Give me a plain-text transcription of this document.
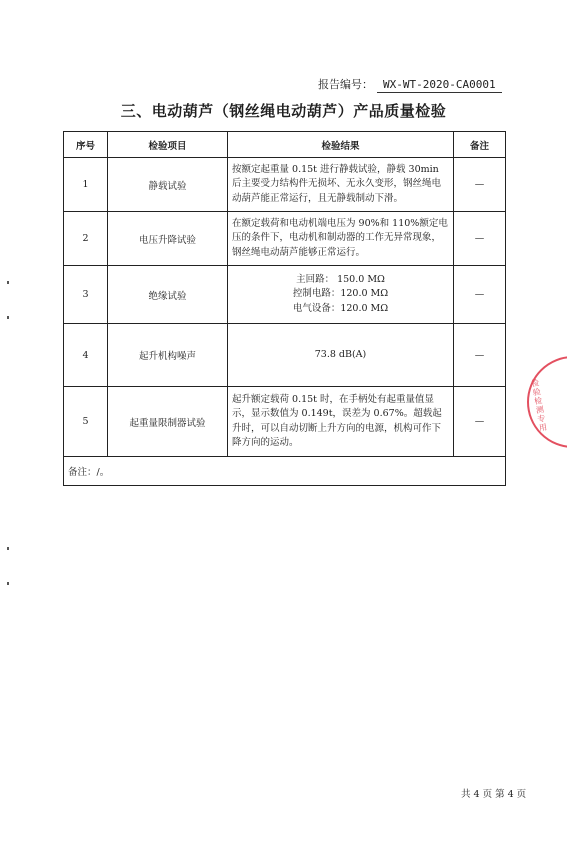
报告编号： WX-WT-2020-CA0001
三、电动葫芦（钢丝绳电动葫芦）产品质量检验
序号	检验项目	检验结果	备注
1	静载试验	按额定起重量 0.15t 进行静载试验，静载 30min 后主要受力结构件无损坏、无永久变形，钢丝绳电动葫芦能正常运行，且无静载制动下滑。	—
2	电压升降试验	在额定载荷和电动机端电压为 90%和 110%额定电压的条件下，电动机和制动器的工作无异常现象，钢丝绳电动葫芦能够正常运行。	—
3	绝缘试验	主回路： 150.0 MΩ
控制电路：120.0 MΩ
电气设备：120.0 MΩ	—
4	起升机构噪声	73.8 dB(A)	—
5	起重量限制器试验	起升额定载荷 0.15t 时，在手柄处有起重量值显示，显示数值为 0.149t，误差为 0.67%。超载起升时，可以自动切断上升方向的电源，机构可作下降方向的运动。	—
备注：/。			
检验检测专用
共 4 页 第 4 页
